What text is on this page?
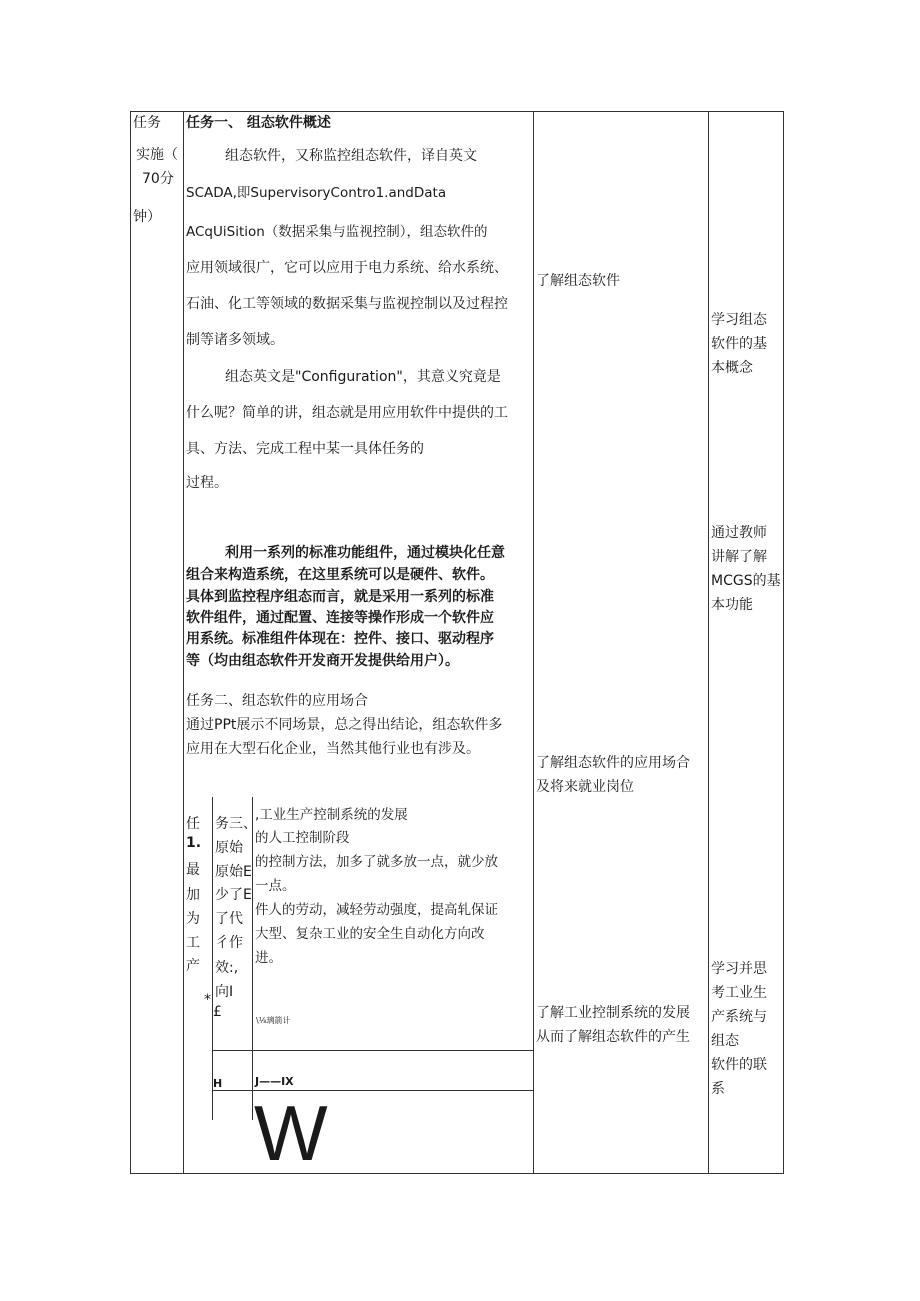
任务
实施（
70分
钟）
任务一、 组态软件概述
组态软件，又称监控组态软件，译自英文
SCADA,即SupervisoryContro1.andData
ACqUiSition（数据采集与监视控制），组态软件的
应用领域很广，它可以应用于电力系统、给水系统、
石油、化工等领域的数据采集与监视控制以及过程控
制等诸多领域。
组态英文是"Configuration"，其意义究竟是
什么呢？简单的讲，组态就是用应用软件中提供的工
具、方法、完成工程中某一具体任务的
过程。
利用一系列的标准功能组件，通过模块化任意
组合来构造系统，在这里系统可以是硬件、软件。
具体到监控程序组态而言，就是采用一系列的标准
软件组件，通过配置、连接等操作形成一个软件应
用系统。标准组件体现在：控件、接口、驱动程序
等（均由组态软件开发商开发提供给用户）。
任务二、组态软件的应用场合
通过PPt展示不同场景，总之得出结论，组态软件多
应用在大型石化企业，当然其他行业也有涉及。
任
1.
最
加
为
工
产
*
务三、
原始
原始E
少了E
了代
彳作
效:,
向I
£
,工业生产控制系统的发展
的人工控制阶段
的控制方法，加多了就多放一点，就少放
一点。
件人的劳动，减轻劳动强度，提高轧保证
大型、复杂工业的安全生自动化方向改
进。
\⅛璃箭计
H	J——IX
W
了解组态软件
了解组态软件的应用场合
及将来就业岗位
了解工业控制系统的发展
从而了解组态软件的产生
学习组态
软件的基
本概念
通过教师
讲解了解
MCGS的基
本功能
学习并思
考工业生
产系统与
组态
软件的联
系
